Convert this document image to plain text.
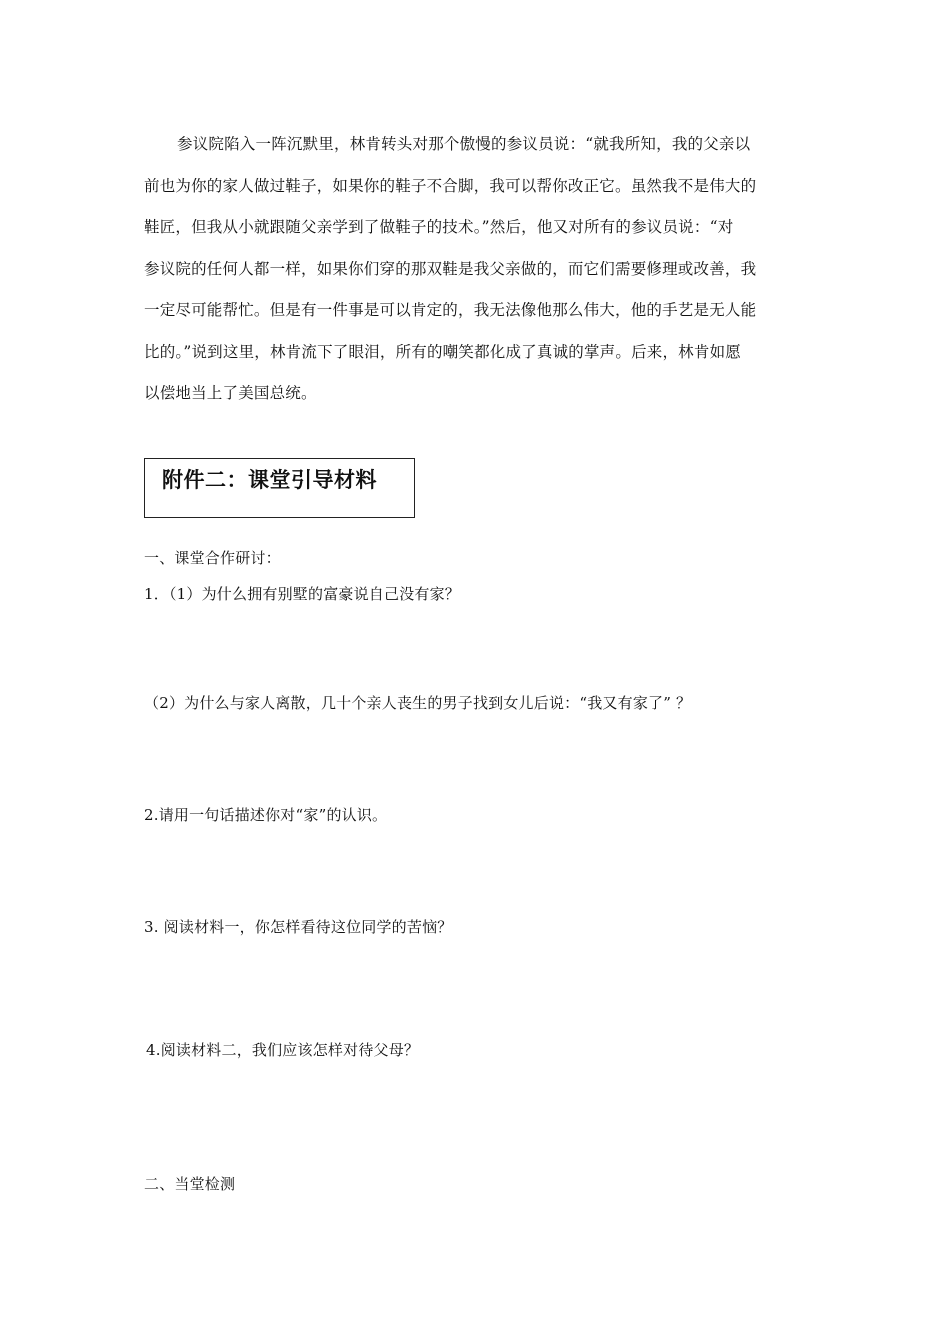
参议院陷入一阵沉默里，林肯转头对那个傲慢的参议员说：“就我所知，我的父亲以
前也为你的家人做过鞋子，如果你的鞋子不合脚，我可以帮你改正它。虽然我不是伟大的
鞋匠，但我从小就跟随父亲学到了做鞋子的技术。”然后，他又对所有的参议员说：“对
参议院的任何人都一样，如果你们穿的那双鞋是我父亲做的，而它们需要修理或改善，我
一定尽可能帮忙。但是有一件事是可以肯定的，我无法像他那么伟大，他的手艺是无人能
比的。”说到这里，林肯流下了眼泪，所有的嘲笑都化成了真诚的掌声。后来，林肯如愿
以偿地当上了美国总统。
附件二：课堂引导材料
一、课堂合作研讨：
1．（1）为什么拥有别墅的富豪说自己没有家？
（2）为什么与家人离散，几十个亲人丧生的男子找到女儿后说：“我又有家了” ？
2.请用一句话描述你对“家”的认识。
3. 阅读材料一，你怎样看待这位同学的苦恼？
4.阅读材料二，我们应该怎样对待父母？
二、当堂检测
